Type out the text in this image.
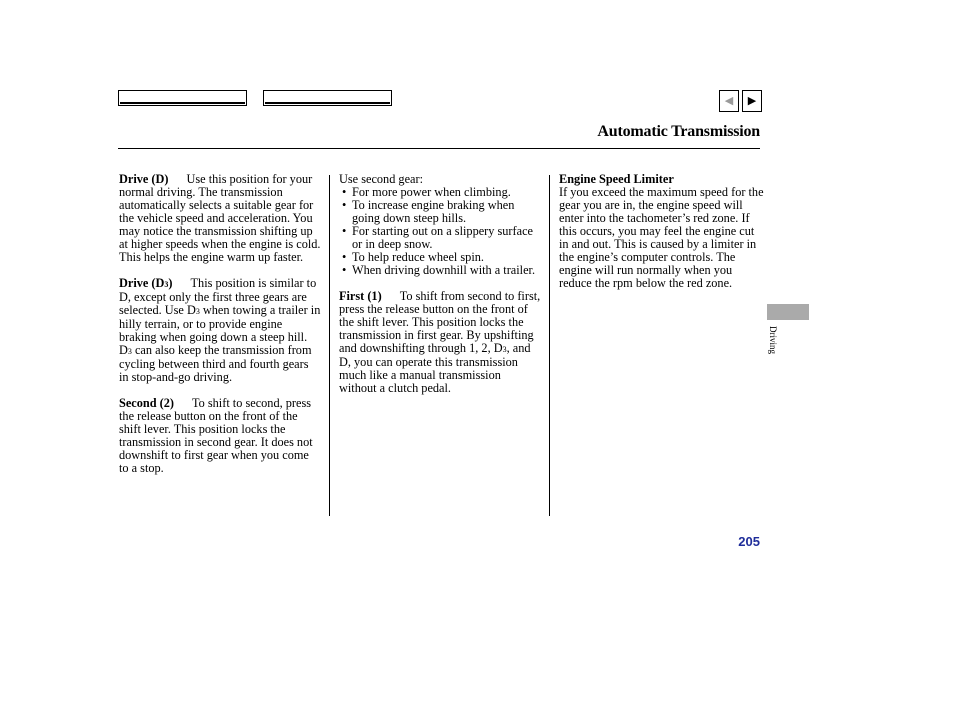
◀	▶
Automatic Transmission

Drive (D) Use this position for your normal driving. The transmission automatically selects a suitable gear for the vehicle speed and acceleration. You may notice the transmission shifting up at higher speeds when the engine is cold. This helps the engine warm up faster.

Drive (D3) This position is similar to D, except only the first three gears are selected. Use D3 when towing a trailer in hilly terrain, or to provide engine braking when going down a steep hill. D3 can also keep the transmission from cycling between third and fourth gears in stop-and-go driving.

Second (2) To shift to second, press the release button on the front of the shift lever. This position locks the transmission in second gear. It does not downshift to first gear when you come to a stop.

Use second gear:

• For more power when climbing.
• To increase engine braking when going down steep hills.
• For starting out on a slippery surface or in deep snow.
• To help reduce wheel spin.
• When driving downhill with a trailer.

First (1) To shift from second to first, press the release button on the front of the shift lever. This position locks the transmission in first gear. By upshifting and downshifting through 1, 2, D3, and D, you can operate this transmission much like a manual transmission without a clutch pedal.

Engine Speed Limiter

If you exceed the maximum speed for the gear you are in, the engine speed will enter into the tachometer’s red zone. If this occurs, you may feel the engine cut in and out. This is caused by a limiter in the engine’s computer controls. The engine will run normally when you reduce the rpm below the red zone.

Driving
205
